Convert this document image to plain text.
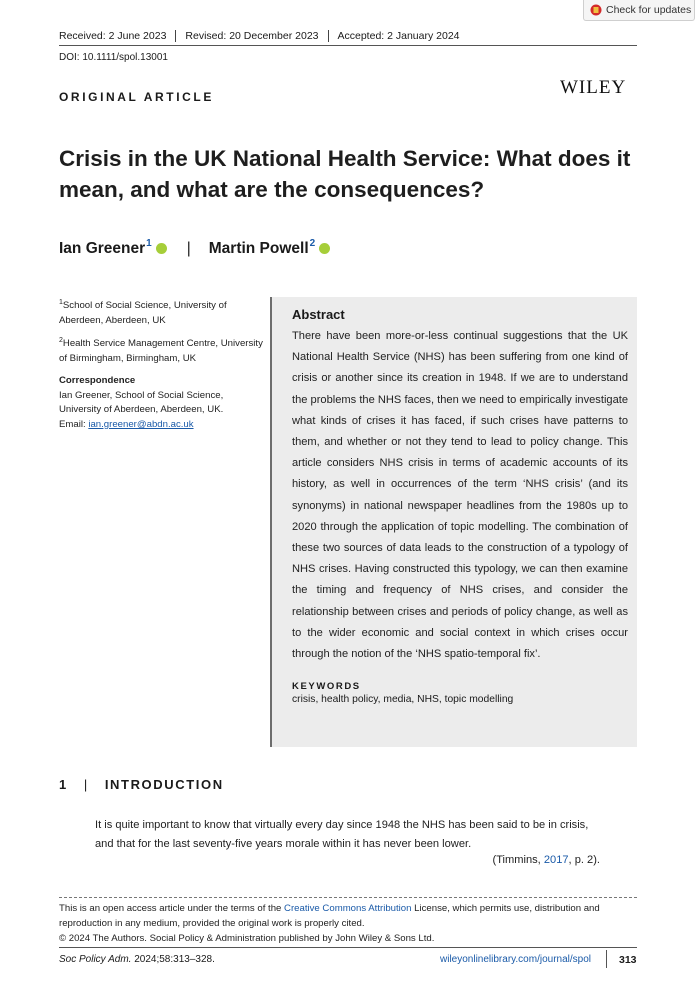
Check for updates
Received: 2 June 2023	Revised: 20 December 2023	Accepted: 2 January 2024
DOI: 10.1111/spol.13001
WILEY
ORIGINAL ARTICLE
Crisis in the UK National Health Service: What does it mean, and what are the consequences?
Ian Greener$^1$ | Martin Powell$^2$

$^1$School of Social Science, University of Aberdeen, Aberdeen, UK

$^2$Health Service Management Centre, University of Birmingham, Birmingham, UK

Correspondence

Ian Greener, School of Social Science, University of Aberdeen, Aberdeen, UK.
Email: ian.greener@abdn.ac.uk

Abstract
There have been more-or-less continual suggestions that the UK National Health Service (NHS) has been suffering from one kind of crisis or another since its creation in 1948. If we are to understand the problems the NHS faces, then we need to empirically investigate what kinds of crises it has faced, if such crises have patterns to them, and whether or not they tend to lead to policy change. This article considers NHS crisis in terms of academic accounts of its history, as well in occurrences of the term ‘NHS crisis’ (and its synonyms) in national newspaper headlines from the 1980s up to 2020 through the application of topic modelling. The combination of these two sources of data leads to the construction of a typology of NHS crises. Having constructed this typology, we can then examine the timing and frequency of NHS crises, and consider the relationship between crises and periods of policy change, as well as to the wider economic and social context in which crises occur through the notion of the ‘NHS spatio-temporal fix’.
KEYWORDS
crisis, health policy, media, NHS, topic modelling
1 | INTRODUCTION
It is quite important to know that virtually every day since 1948 the NHS has been said to be in crisis, and that for the last seventy-five years morale within it has never been lower.
(Timmins, 2017, p. 2).
This is an open access article under the terms of the Creative Commons Attribution License, which permits use, distribution and reproduction in any medium, provided the original work is properly cited.
© 2024 The Authors. Social Policy & Administration published by John Wiley & Sons Ltd.
Soc Policy Adm. 2024;58:313–328.	wileyonlinelibrary.com/journal/spol	313
